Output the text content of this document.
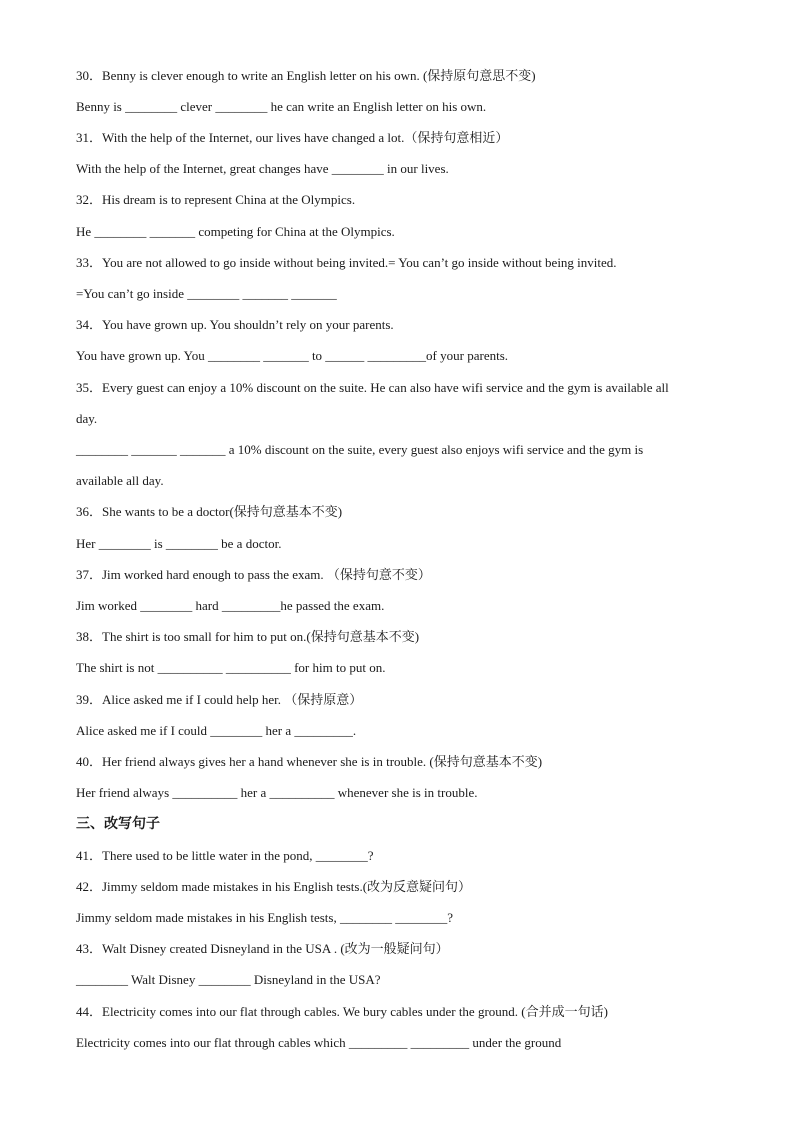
30．Benny is clever enough to write an English letter on his own. (保持原句意思不变)
Benny is ________ clever ________ he can write an English letter on his own.
31．With the help of the Internet, our lives have changed a lot.（保持句意相近）
With the help of the Internet, great changes have ________ in our lives.
32．His dream is to represent China at the Olympics.
He ________ _______ competing for China at the Olympics.
33．You are not allowed to go inside without being invited.= You can’t go inside without being invited.
=You can’t go inside ________ _______ _______
34．You have grown up. You shouldn’t rely on your parents.
You have grown up. You ________ _______ to ______ _________of your parents.
35．Every guest can enjoy a 10% discount on the suite. He can also have wifi service and the gym is available all
day.
________ _______ _______ a 10% discount on the suite, every guest also enjoys wifi service and the gym is
available all day.
36．She wants to be a doctor(保持句意基本不变)
Her ________ is ________ be a doctor.
37．Jim worked hard enough to pass the exam. （保持句意不变）
Jim worked ________ hard _________he passed the exam.
38．The shirt is too small for him to put on.(保持句意基本不变)
The shirt is not __________ __________ for him to put on.
39．Alice asked me if I could help her. （保持原意）
Alice asked me if I could ________ her a _________.
40．Her friend always gives her a hand whenever she is in trouble. (保持句意基本不变)
Her friend always __________ her a __________ whenever she is in trouble.
三、改写句子
41．There used to be little water in the pond, ________?
42．Jimmy seldom made mistakes in his English tests.(改为反意疑问句）
Jimmy seldom made mistakes in his English tests, ________ ________?
43．Walt Disney created Disneyland in the USA . (改为一般疑问句）
________ Walt Disney ________ Disneyland in the USA?
44．Electricity comes into our flat through cables. We bury cables under the ground. (合并成一句话)
Electricity comes into our flat through cables which _________ _________ under the ground
